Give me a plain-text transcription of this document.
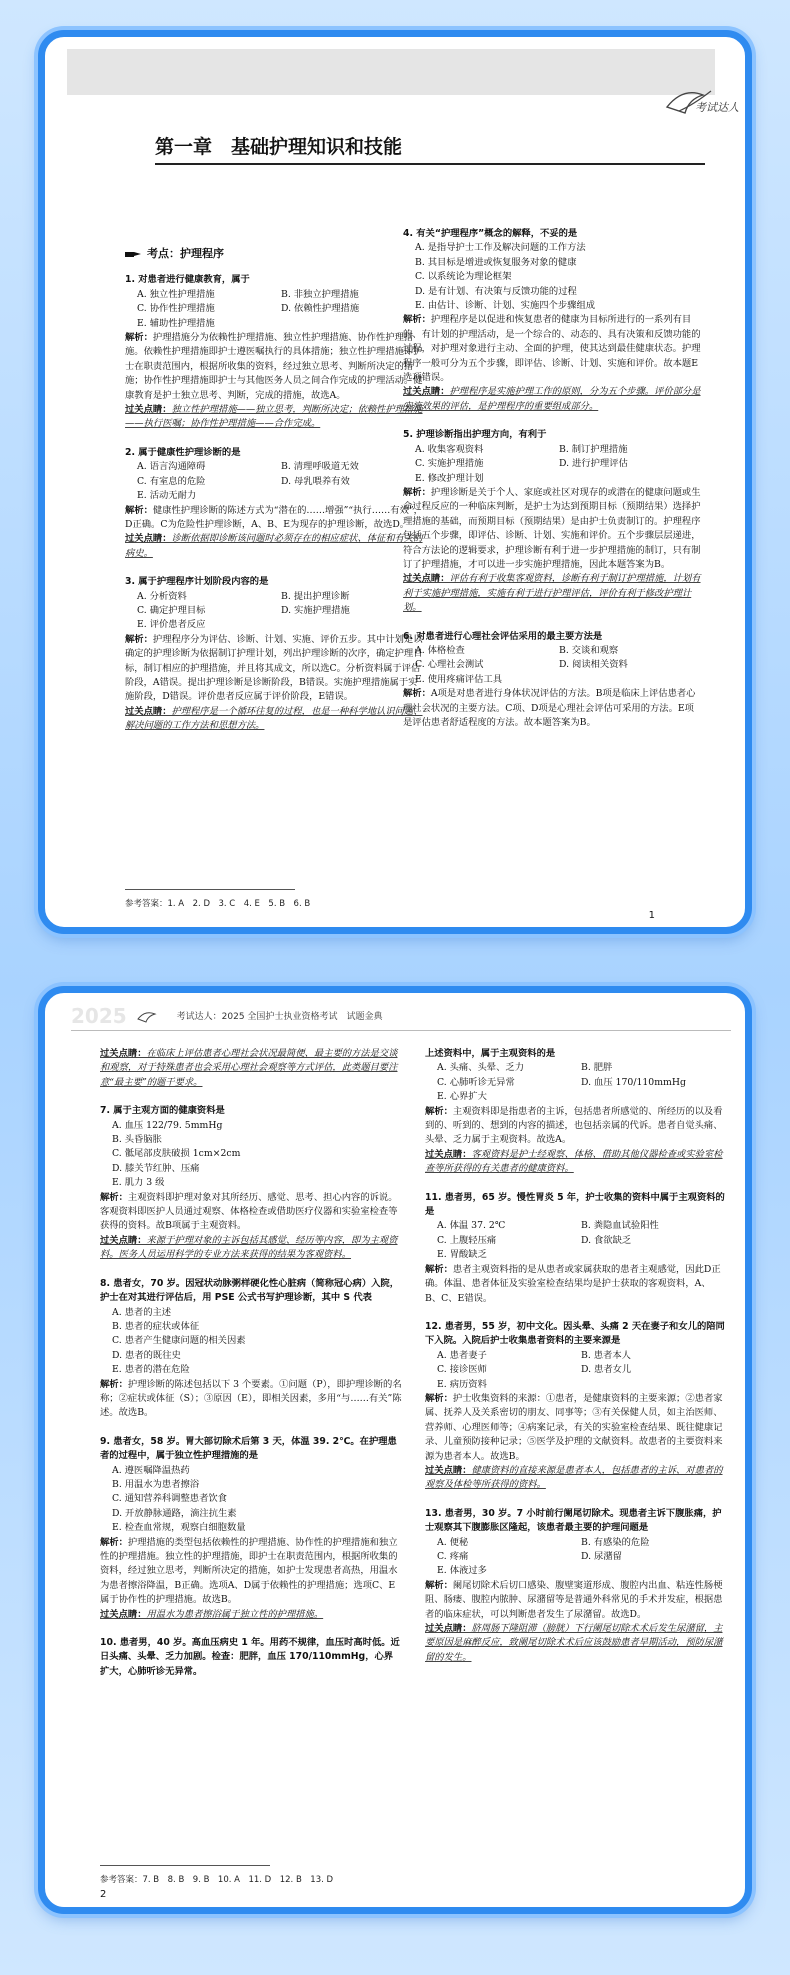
考试达人
第一章　基础护理知识和技能
考点：护理程序
1. 对患者进行健康教育，属于
A. 独立性护理措施	B. 非独立护理措施
C. 协作性护理措施	D. 依赖性护理措施
E. 辅助性护理措施
解析：护理措施分为依赖性护理措施、独立性护理措施、协作性护理措施。依赖性护理措施即护士遵医嘱执行的具体措施；独立性护理措施即护士在职责范围内，根据所收集的资料，经过独立思考、判断所决定的措施；协作性护理措施即护士与其他医务人员之间合作完成的护理活动。健康教育是护士独立思考、判断，完成的措施，故选A。
过关点睛：独立性护理措施——独立思考，判断所决定；依赖性护理措施——执行医嘱；协作性护理措施——合作完成。
2. 属于健康性护理诊断的是
A. 语言沟通障碍	B. 清理呼吸道无效
C. 有室息的危险	D. 母乳喂养有效
E. 活动无耐力
解析：健康性护理诊断的陈述方式为“潜在的……增强”“执行……有效”，D正确。C为危险性护理诊断，A、B、E为现存的护理诊断，故选D。
过关点睛：诊断依据即诊断该问题时必须存在的相应症状、体征和有关的病史。
3. 属于护理程序计划阶段内容的是
A. 分析资料	B. 提出护理诊断
C. 确定护理目标	D. 实施护理措施
E. 评价患者反应
解析：护理程序分为评估、诊断、计划、实施、评价五步。其中计划是以确定的护理诊断为依据制订护理计划，列出护理诊断的次序，确定护理目标，制订相应的护理措施，并且将其成文，所以选C。分析资料属于评估阶段，A错误。提出护理诊断是诊断阶段，B错误。实施护理措施属于实施阶段，D错误。评价患者反应属于评价阶段，E错误。
过关点睛：护理程序是一个循环往复的过程，也是一种科学地认识问题、解决问题的工作方法和思想方法。
4. 有关“护理程序”概念的解释，不妥的是
A. 是指导护士工作及解决问题的工作方法
B. 其目标是增进或恢复服务对象的健康
C. 以系统论为理论框架
D. 是有计划、有决策与反馈功能的过程
E. 由估计、诊断、计划、实施四个步骤组成
解析：护理程序是以促进和恢复患者的健康为目标所进行的一系列有目的、有计划的护理活动，是一个综合的、动态的、具有决策和反馈功能的过程，对护理对象进行主动、全面的护理，使其达到最佳健康状态。护理程序一般可分为五个步骤，即评估、诊断、计划、实施和评价。故本题E选项错误。
过关点睛：护理程序是实施护理工作的原则，分为五个步骤。评价部分是实施效果的评估，是护理程序的重要组成部分。
5. 护理诊断指出护理方向，有利于
A. 收集客观资料	B. 制订护理措施
C. 实施护理措施	D. 进行护理评估
E. 修改护理计划
解析：护理诊断是关于个人、家庭或社区对现存的或潜在的健康问题或生命过程反应的一种临床判断，是护士为达到预期目标（预期结果）选择护理措施的基础，而预期目标（预期结果）是由护士负责制订的。护理程序包括五个步骤，即评估、诊断、计划、实施和评价。五个步骤层层递进，符合方法论的逻辑要求，护理诊断有利于进一步护理措施的制订，只有制订了护理措施，才可以进一步实施护理措施，因此本题答案为B。
过关点睛：评估有利于收集客观资料，诊断有利于制订护理措施，计划有利于实施护理措施，实施有利于进行护理评估，评价有利于修改护理计划。
6. 对患者进行心理社会评估采用的最主要方法是
A. 体格检查	B. 交谈和观察
C. 心理社会测试	D. 阅读相关资料
E. 使用疼痛评估工具
解析：A项是对患者进行身体状况评估的方法。B项是临床上评估患者心理社会状况的主要方法。C项、D项是心理社会评估可采用的方法。E项是评估患者舒适程度的方法。故本题答案为B。
参考答案：1. A　2. D　3. C　4. E　5. B　6. B
1
2025	考试达人：2025 全国护士执业资格考试　试题金典
过关点睛：在临床上评估患者心理社会状况最简便、最主要的方法是交谈和观察，对于特殊患者也会采用心理社会观察等方式评估，此类题目要注意“最主要”的题干要求。
7. 属于主观方面的健康资料是
A. 血压 122/79. 5mmHg
B. 头昏脑胀
C. 骶尾部皮肤破损 1cm×2cm
D. 膝关节红肿、压痛
E. 肌力 3 级
解析：主观资料即护理对象对其所经历、感觉、思考、担心内容的诉说。客观资料即医护人员通过观察、体格检查或借助医疗仪器和实验室检查等获得的资料。故B项属于主观资料。
过关点睛：来源于护理对象的主诉包括其感觉、经历等内容，即为主观资料。医务人员运用科学的专业方法来获得的结果为客观资料。
8. 患者女，70 岁。因冠状动脉粥样硬化性心脏病（简称冠心病）入院，护士在对其进行评估后，用 PSE 公式书写护理诊断，其中 S 代表
A. 患者的主述
B. 患者的症状或体征
C. 患者产生健康问题的相关因素
D. 患者的既往史
E. 患者的潜在危险
解析：护理诊断的陈述包括以下 3 个要素。①问题（P），即护理诊断的名称；②症状或体征（S）；③原因（E），即相关因素，多用“与……有关”陈述。故选B。
9. 患者女，58 岁。胃大部切除术后第 3 天，体温 39. 2℃。在护理患者的过程中，属于独立性护理措施的是
A. 遵医嘱降温热药
B. 用温水为患者擦浴
C. 通知营养科调整患者饮食
D. 开放静脉通路，滴注抗生素
E. 检查血常规，观察白细胞数量
解析：护理措施的类型包括依赖性的护理措施、协作性的护理措施和独立性的护理措施。独立性的护理措施，即护士在职责范围内，根据所收集的资料，经过独立思考，判断所决定的措施，如护士发现患者高热，用温水为患者擦浴降温，B正确。选项A、D属于依赖性的护理措施；选项C、E属于协作性的护理措施。故选B。
过关点睛：用温水为患者擦浴属于独立性的护理措施。
10. 患者男，40 岁。高血压病史 1 年。用药不规律，血压时高时低。近日头痛、头晕、乏力加剧。检查：肥胖，血压 170/110mmHg，心界扩大，心肺听诊无异常。
上述资料中，属于主观资料的是
A. 头痛、头晕、乏力	B. 肥胖
C. 心肺听诊无异常	D. 血压 170/110mmHg
E. 心界扩大
解析：主观资料即是指患者的主诉，包括患者所感觉的、所经历的以及看到的、听到的、想到的内容的描述，也包括亲属的代诉。患者自觉头痛、头晕、乏力属于主观资料。故选A。
过关点睛：客观资料是护士经观察、体格、借助其他仪器检查或实验室检查等所获得的有关患者的健康资料。
11. 患者男，65 岁。慢性胃炎 5 年，护士收集的资料中属于主观资料的是
A. 体温 37. 2℃	B. 粪隐血试验阳性
C. 上腹轻压痛	D. 食欲缺乏
E. 胃酸缺乏
解析：患者主观资料指的是从患者或家属获取的患者主观感觉，因此D正确。体温、患者体征及实验室检查结果均是护士获取的客观资料，A、B、C、E错误。
12. 患者男，55 岁，初中文化。因头晕、头痛 2 天在妻子和女儿的陪同下入院。入院后护士收集患者资料的主要来源是
A. 患者妻子	B. 患者本人
C. 接诊医师	D. 患者女儿
E. 病历资料
解析：护士收集资料的来源：①患者，是健康资料的主要来源；②患者家属、抚养人及关系密切的朋友、同事等；③有关保健人员，如主治医师、营养师、心理医师等；④病案记录，有关的实验室检查结果、既往健康记录、儿童预防接种记录；⑤医学及护理的文献资料。故患者的主要资料来源为患者本人。故选B。
过关点睛：健康资料的直接来源是患者本人，包括患者的主诉、对患者的观察及体检等所获得的资料。
13. 患者男，30 岁。7 小时前行阑尾切除术。现患者主诉下腹胀痛，护士观察其下腹膨胀区隆起，该患者最主要的护理问题是
A. 便秘	B. 有感染的危险
C. 疼痛	D. 尿潴留
E. 体液过多
解析：阑尾切除术后切口感染、腹壁窦道形成、腹腔内出血、粘连性肠梗阻、肠瘘、腹腔内脓肿、尿潴留等是普通外科常见的手术并发症，根据患者的临床症状，可以判断患者发生了尿潴留。故选D。
过关点睛：脐周肠下隆阻滞（膀胱）下行阑尾切除术术后发生尿潴留，主要原因是麻醉反应，致阑尾切除术术后应该鼓励患者早期活动，预防尿潴留的发生。
参考答案：7. B　8. B　9. B　10. A　11. D　12. B　13. D
2
